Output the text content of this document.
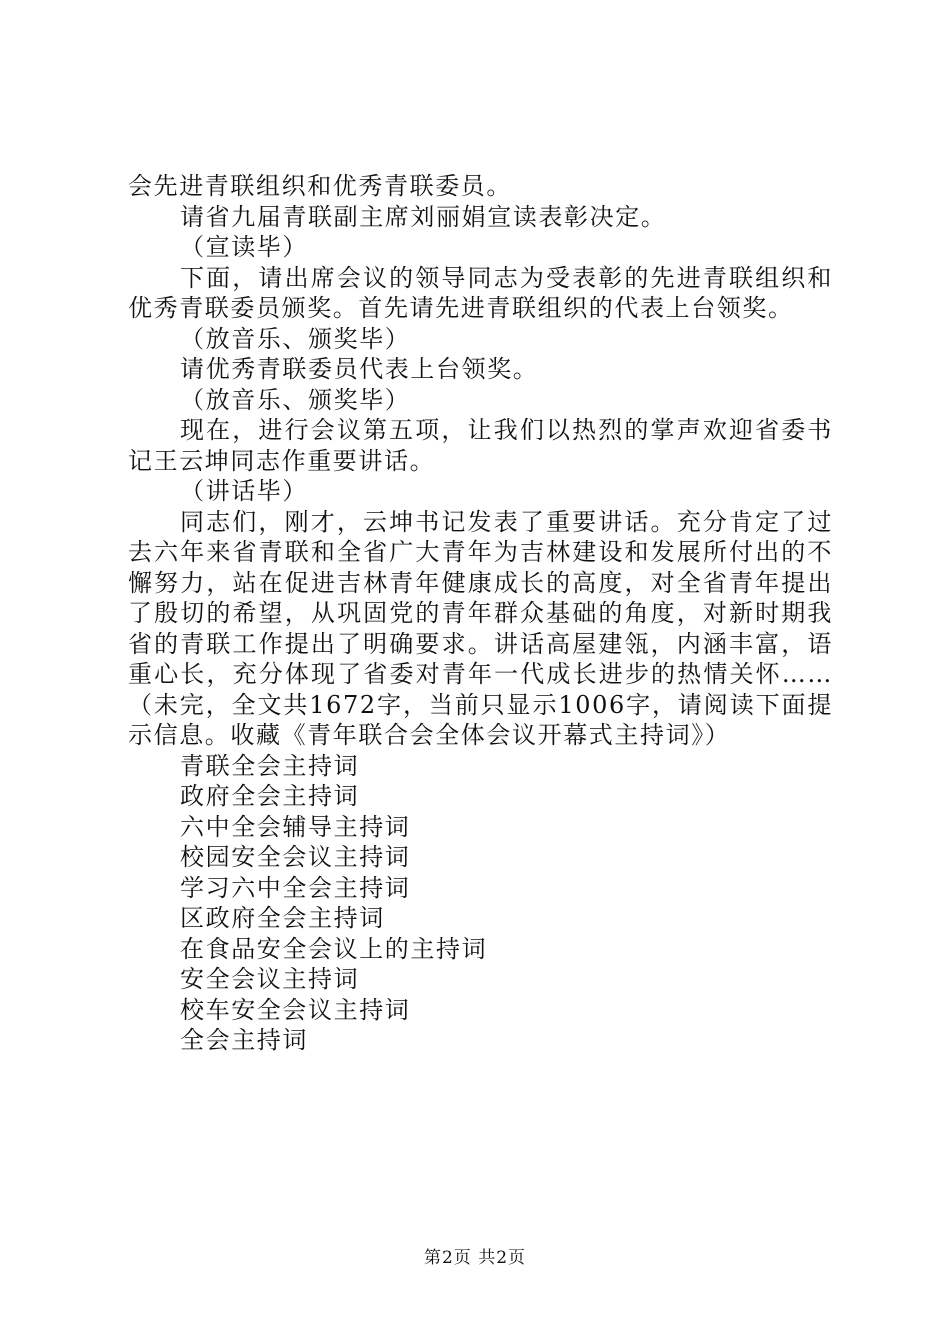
会先进青联组织和优秀青联委员。

请省九届青联副主席刘丽娟宣读表彰决定。

（宣读毕）

下面，请出席会议的领导同志为受表彰的先进青联组织和优秀青联委员颁奖。首先请先进青联组织的代表上台领奖。

（放音乐、颁奖毕）

请优秀青联委员代表上台领奖。

（放音乐、颁奖毕）

现在，进行会议第五项，让我们以热烈的掌声欢迎省委书记王云坤同志作重要讲话。

（讲话毕）

同志们，刚才，云坤书记发表了重要讲话。充分肯定了过去六年来省青联和全省广大青年为吉林建设和发展所付出的不懈努力，站在促进吉林青年健康成长的高度，对全省青年提出了殷切的希望，从巩固党的青年群众基础的角度，对新时期我省的青联工作提出了明确要求。讲话高屋建瓴，内涵丰富，语重心长，充分体现了省委对青年一代成长进步的热情关怀……（未完，全文共1672字，当前只显示1006字，请阅读下面提示信息。收藏《青年联合会全体会议开幕式主持词》）

青联全会主持词
政府全会主持词
六中全会辅导主持词
校园安全会议主持词
学习六中全会主持词
区政府全会主持词
在食品安全会议上的主持词
安全会议主持词
校车安全会议主持词
全会主持词
第2页 共2页
